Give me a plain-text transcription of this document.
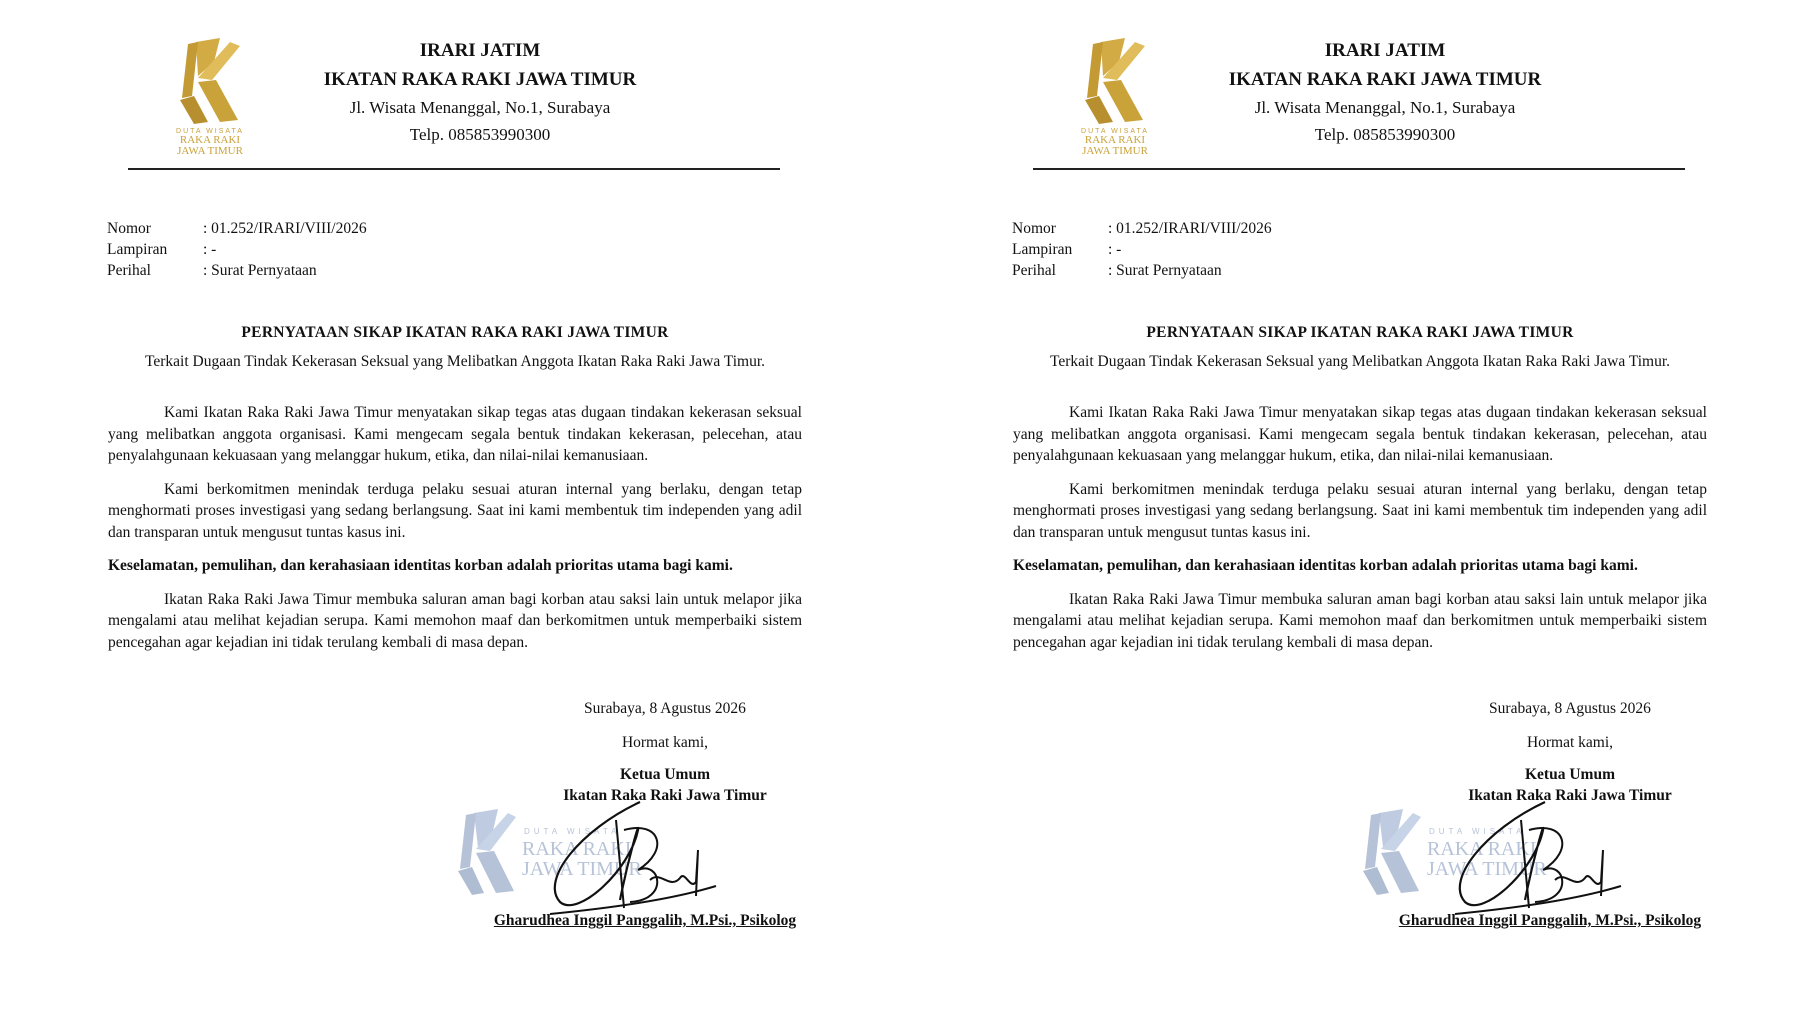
DUTA WISATA
RAKA RAKI
JAWA TIMUR
IRARI JATIM
IKATAN RAKA RAKI JAWA TIMUR
Jl. Wisata Menanggal, No.1, Surabaya
Telp. 085853990300
Nomor	: 01.252/IRARI/VIII/2026
Lampiran	: -
Perihal	: Surat Pernyataan
PERNYATAAN SIKAP IKATAN RAKA RAKI JAWA TIMUR
Terkait Dugaan Tindak Kekerasan Seksual yang Melibatkan Anggota Ikatan Raka Raki Jawa Timur.

Kami Ikatan Raka Raki Jawa Timur menyatakan sikap tegas atas dugaan tindakan kekerasan seksual yang melibatkan anggota organisasi. Kami mengecam segala bentuk tindakan kekerasan, pelecehan, atau penyalahgunaan kekuasaan yang melanggar hukum, etika, dan nilai-nilai kemanusiaan.

Kami berkomitmen menindak terduga pelaku sesuai aturan internal yang berlaku, dengan tetap menghormati proses investigasi yang sedang berlangsung. Saat ini kami membentuk tim independen yang adil dan transparan untuk mengusut tuntas kasus ini.

Keselamatan, pemulihan, dan kerahasiaan identitas korban adalah prioritas utama bagi kami.

Ikatan Raka Raki Jawa Timur membuka saluran aman bagi korban atau saksi lain untuk melapor jika mengalami atau melihat kejadian serupa. Kami memohon maaf dan berkomitmen untuk memperbaiki sistem pencegahan agar kejadian ini tidak terulang kembali di masa depan.

Surabaya, 8 Agustus 2026
Hormat kami,
Ketua Umum
Ikatan Raka Raki Jawa Timur
DUTA WISATA
RAKA RAKI
JAWA TIMUR
Gharudhea Inggil Panggalih, M.Psi., Psikolog
DUTA WISATA
RAKA RAKI
JAWA TIMUR
IRARI JATIM
IKATAN RAKA RAKI JAWA TIMUR
Jl. Wisata Menanggal, No.1, Surabaya
Telp. 085853990300
Nomor	: 01.252/IRARI/VIII/2026
Lampiran	: -
Perihal	: Surat Pernyataan
PERNYATAAN SIKAP IKATAN RAKA RAKI JAWA TIMUR
Terkait Dugaan Tindak Kekerasan Seksual yang Melibatkan Anggota Ikatan Raka Raki Jawa Timur.

Kami Ikatan Raka Raki Jawa Timur menyatakan sikap tegas atas dugaan tindakan kekerasan seksual yang melibatkan anggota organisasi. Kami mengecam segala bentuk tindakan kekerasan, pelecehan, atau penyalahgunaan kekuasaan yang melanggar hukum, etika, dan nilai-nilai kemanusiaan.

Kami berkomitmen menindak terduga pelaku sesuai aturan internal yang berlaku, dengan tetap menghormati proses investigasi yang sedang berlangsung. Saat ini kami membentuk tim independen yang adil dan transparan untuk mengusut tuntas kasus ini.

Keselamatan, pemulihan, dan kerahasiaan identitas korban adalah prioritas utama bagi kami.

Ikatan Raka Raki Jawa Timur membuka saluran aman bagi korban atau saksi lain untuk melapor jika mengalami atau melihat kejadian serupa. Kami memohon maaf dan berkomitmen untuk memperbaiki sistem pencegahan agar kejadian ini tidak terulang kembali di masa depan.

Surabaya, 8 Agustus 2026
Hormat kami,
Ketua Umum
Ikatan Raka Raki Jawa Timur
DUTA WISATA
RAKA RAKI
JAWA TIMUR
Gharudhea Inggil Panggalih, M.Psi., Psikolog
